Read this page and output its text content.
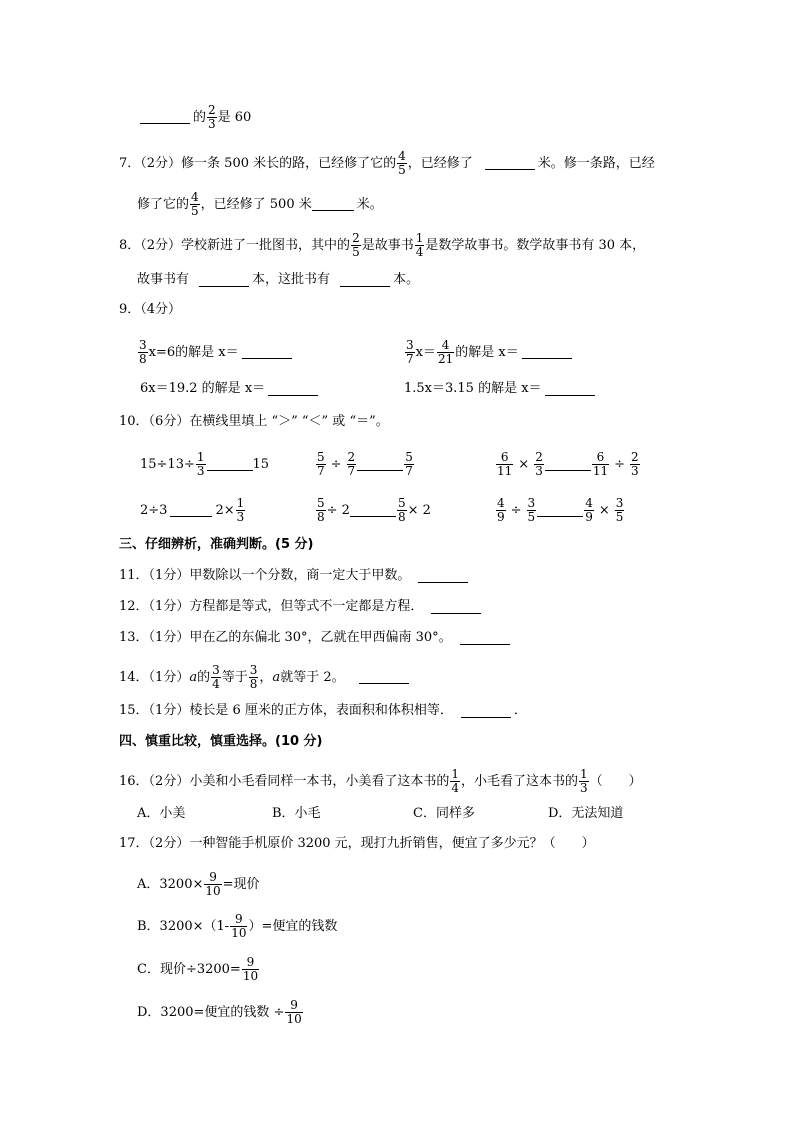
的 $\frac{2}{3}$ 是 60
7．（2分） 修一条 500 米长的路，已经修了它的 $\frac{4}{5}$ ，已经修了	米。修一条路，已经
修了它的 $\frac{4}{5}$ ，已经修了 500 米	米。
8．（2分） 学校新进了一批图书，其中的 $\frac{2}{5}$ 是故事书 $\frac{1}{4}$ 是数学故事书。数学故事书有 30 本，
故事书有	本，这批书有	本。
9．（4分）
$\frac{3}{8} x=6$的解是 x＝	$\frac{3}{7} x= \frac{4}{21}$ 的解是 x＝
6x＝19.2 的解是 x＝	1.5x＝3.15 的解是 x＝
10．（6分） 在横线里填上 “＞” “＜” 或 “＝”。
$15\div 13\div \frac{1}{3}$	15	$\frac{5}{7} \div \frac{2}{7}$	$\frac{5}{7}$	$\frac{6}{11} \times \frac{2}{3}$	$\frac{6}{11} \div \frac{2}{3}$
2÷3	$2\times \frac{1}{3}$	$\frac{5}{8} \div 2$	$\frac{5}{8} \times 2$	$\frac{4}{9} \div \frac{3}{5}$	$\frac{4}{9} \times \frac{3}{5}$
三、仔细辨析，准确判断。(5 分)
11．（1分）甲数除以一个分数，商一定大于甲数。
12．（1分）方程都是等式，但等式不一定都是方程．
13．（1分）甲在乙的东偏北 30°，乙就在甲西偏南 30°。
14．（1分） a 的 $\frac{3}{4}$ 等于 $\frac{3}{8}$ ， a 就等于 2。
15．（1分）棱长是 6 厘米的正方体，表面积和体积相等．	．
四、慎重比较，慎重选择。(10 分)
16．（2分）小美和小毛看同样一本书，小美看了这本书的 $\frac{1}{4}$ ，小毛看了这本书的 $\frac{1}{3}$ （　　）
A．小美	B．小毛	C．同样多	D．无法知道
17．（2分）一种智能手机原价 3200 元，现打九折销售，便宜了多少元？（　　）
A．$3200\times \frac{9}{10}$ =现价
B．$3200\times(1- \frac{9}{10}$ ）=便宜的钱数
C．现价$\div 3200= \frac{9}{10}$
D．3200=便宜的钱数 ÷ $\frac{9}{10}$
